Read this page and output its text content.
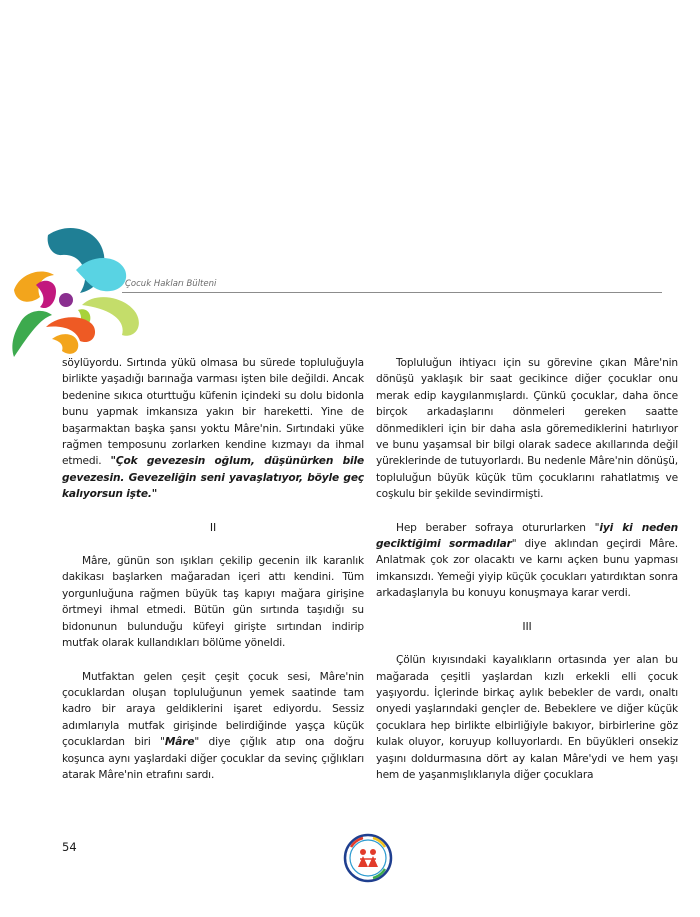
Çocuk Hakları Bülteni

söylüyordu. Sırtında yükü olmasa bu sürede topluluğuyla birlikte yaşadığı barınağa varması işten bile değildi. Ancak bedenine sıkıca oturttuğu küfenin içindeki su dolu bidonla bunu yapmak imkansıza yakın bir hareketti. Yine de başarmaktan başka şansı yoktu Mâre'nin. Sırtındaki yüke rağmen temposunu zorlarken kendine kızmayı da ihmal etmedi. "Çok gevezesin oğlum, düşünürken bile gevezesin. Gevezeliğin seni yavaşlatıyor, böyle geç kalıyorsun işte."

II

Mâre, günün son ışıkları çekilip gecenin ilk karanlık dakikası başlarken mağaradan içeri attı kendini. Tüm yorgunluğuna rağmen büyük taş kapıyı mağara girişine örtmeyi ihmal etmedi. Bütün gün sırtında taşıdığı su bidonunun bulunduğu küfeyi girişte sırtından indirip mutfak olarak kullandıkları bölüme yöneldi.

Mutfaktan gelen çeşit çeşit çocuk sesi, Mâre'nin çocuklardan oluşan topluluğunun yemek saatinde tam kadro bir araya geldiklerini işaret ediyordu. Sessiz adımlarıyla mutfak girişinde belirdiğinde yaşça küçük çocuklardan biri "Mâre" diye çığlık atıp ona doğru koşunca aynı yaşlardaki diğer çocuklar da sevinç çığlıkları atarak Mâre'nin etrafını sardı.

Topluluğun ihtiyacı için su görevine çıkan Mâre'nin dönüşü yaklaşık bir saat gecikince diğer çocuklar onu merak edip kaygılanmışlardı. Çünkü çocuklar, daha önce birçok arkadaşlarını dönmeleri gereken saatte dönmedikleri için bir daha asla göremediklerini hatırlıyor ve bunu yaşamsal bir bilgi olarak sadece akıllarında değil yüreklerinde de tutuyorlardı. Bu nedenle Mâre'nin dönüşü, topluluğun büyük küçük tüm çocuklarını rahatlatmış ve coşkulu bir şekilde sevindirmişti.

Hep beraber sofraya otururlarken "iyi ki neden geciktiğimi sormadılar" diye aklından geçirdi Mâre. Anlatmak çok zor olacaktı ve karnı açken bunu yapması imkansızdı. Yemeği yiyip küçük çocukları yatırdıktan sonra arkadaşlarıyla bu konuyu konuşmaya karar verdi.

III

Çölün kıyısındaki kayalıkların ortasında yer alan bu mağarada çeşitli yaşlardan kızlı erkekli elli çocuk yaşıyordu. İçlerinde birkaç aylık bebekler de vardı, onaltı onyedi yaşlarındaki gençler de. Bebeklere ve diğer küçük çocuklara hep birlikte elbirliğiyle bakıyor, birbirlerine göz kulak oluyor, koruyup kolluyorlardı. En büyükleri onsekiz yaşını doldurmasına dört ay kalan Mâre'ydi ve hem yaşı hem de yaşanmışlıklarıyla diğer çocuklara

54
